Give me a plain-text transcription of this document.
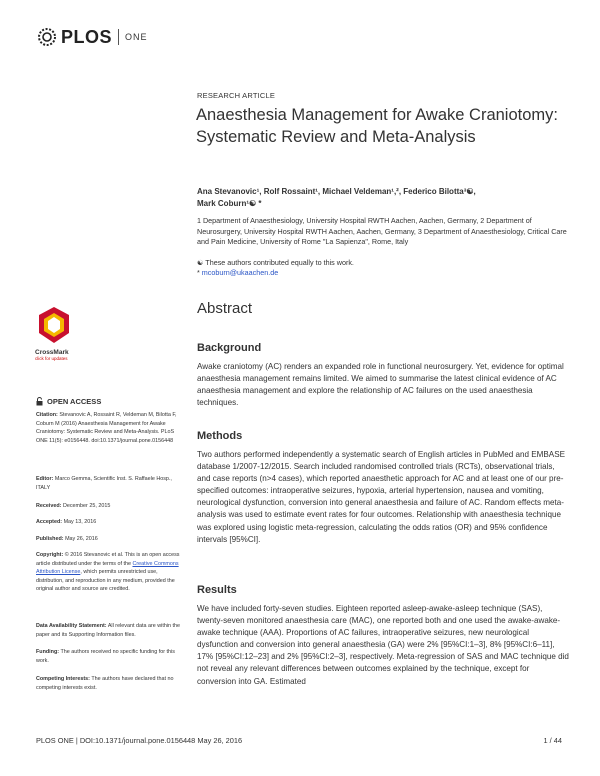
PLOS ONE
RESEARCH ARTICLE
Anaesthesia Management for Awake Craniotomy: Systematic Review and Meta-Analysis
Ana Stevanovic¹, Rolf Rossaint¹, Michael Veldeman¹,², Federico Bilotta³☯,
Mark Coburn¹☯ *
1 Department of Anaesthesiology, University Hospital RWTH Aachen, Aachen, Germany, 2 Department of Neurosurgery, University Hospital RWTH Aachen, Aachen, Germany, 3 Department of Anaesthesiology, Critical Care and Pain Medicine, University of Rome "La Sapienza", Rome, Italy
☯ These authors contributed equally to this work.
* mcoburn@ukaachen.de
CrossMark
click for updates
OPEN ACCESS
Citation: Stevanovic A, Rossaint R, Veldeman M, Bilotta F, Coburn M (2016) Anaesthesia Management for Awake Craniotomy: Systematic Review and Meta-Analysis. PLoS ONE 11(5): e0156448. doi:10.1371/journal.pone.0156448
Editor: Marco Gemma, Scientific Inst. S. Raffaele Hosp., ITALY
Received: December 25, 2015
Accepted: May 13, 2016
Published: May 26, 2016
Copyright: © 2016 Stevanovic et al. This is an open access article distributed under the terms of the Creative Commons Attribution License, which permits unrestricted use, distribution, and reproduction in any medium, provided the original author and source are credited.
Data Availability Statement: All relevant data are within the paper and its Supporting Information files.
Funding: The authors received no specific funding for this work.
Competing Interests: The authors have declared that no competing interests exist.
Abstract
Background
Awake craniotomy (AC) renders an expanded role in functional neurosurgery. Yet, evidence for optimal anaesthesia management remains limited. We aimed to summarise the latest clinical evidence of AC anaesthesia management and explore the relationship of AC failures on the used anaesthesia techniques.
Methods
Two authors performed independently a systematic search of English articles in PubMed and EMBASE database 1/2007-12/2015. Search included randomised controlled trials (RCTs), observational trials, and case reports (n>4 cases), which reported anaesthetic approach for AC and at least one of our pre-specified outcomes: intraoperative seizures, hypoxia, arterial hypertension, nausea and vomiting, neurological dysfunction, conversion into general anaesthesia and failure of AC. Random effects meta-analysis was used to estimate event rates for four outcomes. Relationship with anaesthesia technique was explored using logistic meta-regression, calculating the odds ratios (OR) and 95% confidence intervals [95%CI].
Results
We have included forty-seven studies. Eighteen reported asleep-awake-asleep technique (SAS), twenty-seven monitored anaesthesia care (MAC), one reported both and one used the awake-awake-awake technique (AAA). Proportions of AC failures, intraoperative seizures, new neurological dysfunction and conversion into general anaesthesia (GA) were 2% [95%CI:1–3], 8% [95%CI:6–11], 17% [95%CI:12–23] and 2% [95%CI:2–3], respectively. Meta-regression of SAS and MAC technique did not reveal any relevant differences between outcomes explained by the technique, except for conversion into GA. Estimated
PLOS ONE | DOI:10.1371/journal.pone.0156448 May 26, 2016	1 / 44
